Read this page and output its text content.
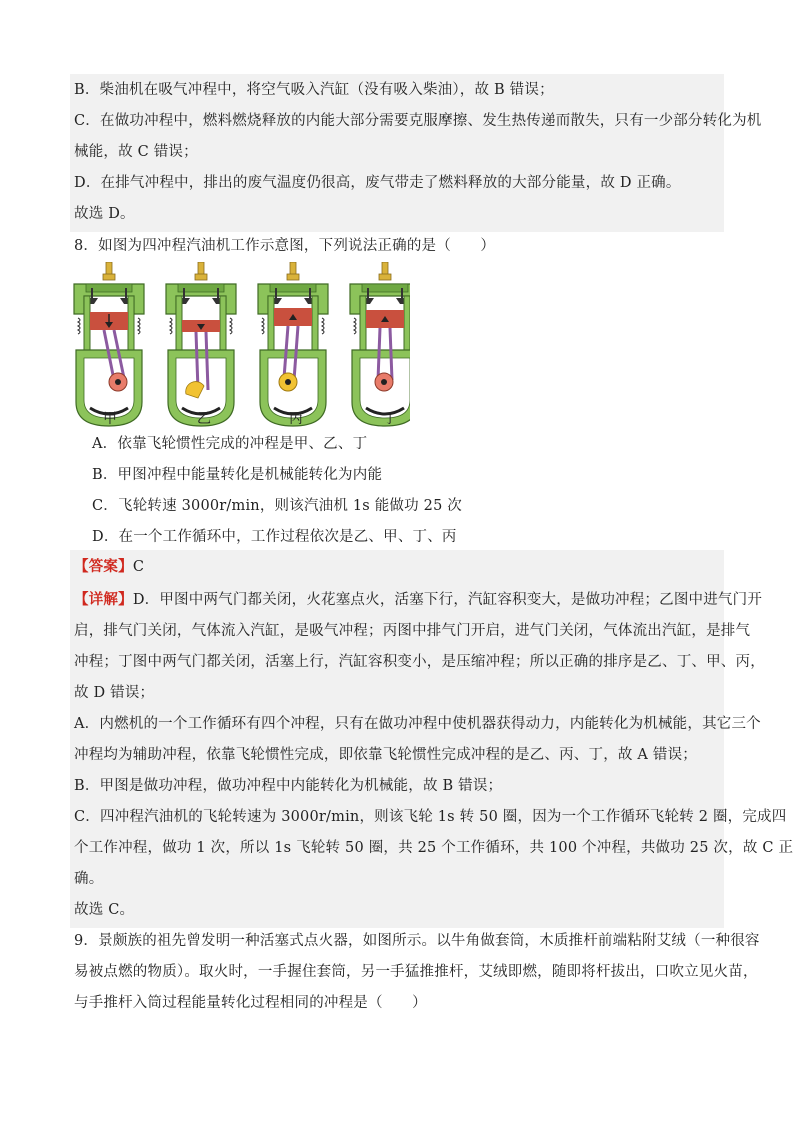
B．柴油机在吸气冲程中，将空气吸入汽缸（没有吸入柴油），故 B 错误；
C．在做功冲程中，燃料燃烧释放的内能大部分需要克服摩擦、发生热传递而散失，只有一少部分转化为机
械能，故 C 错误；
D．在排气冲程中，排出的废气温度仍很高，废气带走了燃料释放的大部分能量，故 D 正确。
故选 D。
8．如图为四冲程汽油机工作示意图，下列说法正确的是（　　）
甲	乙	丙	丁
A．依靠飞轮惯性完成的冲程是甲、乙、丁
B．甲图冲程中能量转化是机械能转化为内能
C．飞轮转速 3000r/min，则该汽油机 1s 能做功 25 次
D．在一个工作循环中，工作过程依次是乙、甲、丁、丙
【答案】C
【详解】D．甲图中两气门都关闭，火花塞点火，活塞下行，汽缸容积变大，是做功冲程；乙图中进气门开
启，排气门关闭，气体流入汽缸，是吸气冲程；丙图中排气门开启，进气门关闭，气体流出汽缸，是排气
冲程；丁图中两气门都关闭，活塞上行，汽缸容积变小，是压缩冲程；所以正确的排序是乙、丁、甲、丙，
故 D 错误；
A．内燃机的一个工作循环有四个冲程，只有在做功冲程中使机器获得动力，内能转化为机械能，其它三个
冲程均为辅助冲程，依靠飞轮惯性完成，即依靠飞轮惯性完成冲程的是乙、丙、丁，故 A 错误；
B．甲图是做功冲程，做功冲程中内能转化为机械能，故 B 错误；
C．四冲程汽油机的飞轮转速为 3000r/min，则该飞轮 1s 转 50 圈，因为一个工作循环飞轮转 2 圈，完成四
个工作冲程，做功 1 次，所以 1s 飞轮转 50 圈，共 25 个工作循环，共 100 个冲程，共做功 25 次，故 C 正
确。
故选 C。
9．景颇族的祖先曾发明一种活塞式点火器，如图所示。以牛角做套筒，木质推杆前端粘附艾绒（一种很容
易被点燃的物质）。取火时，一手握住套筒，另一手猛推推杆，艾绒即燃，随即将杆拔出，口吹立见火苗，
与手推杆入筒过程能量转化过程相同的冲程是（　　）
